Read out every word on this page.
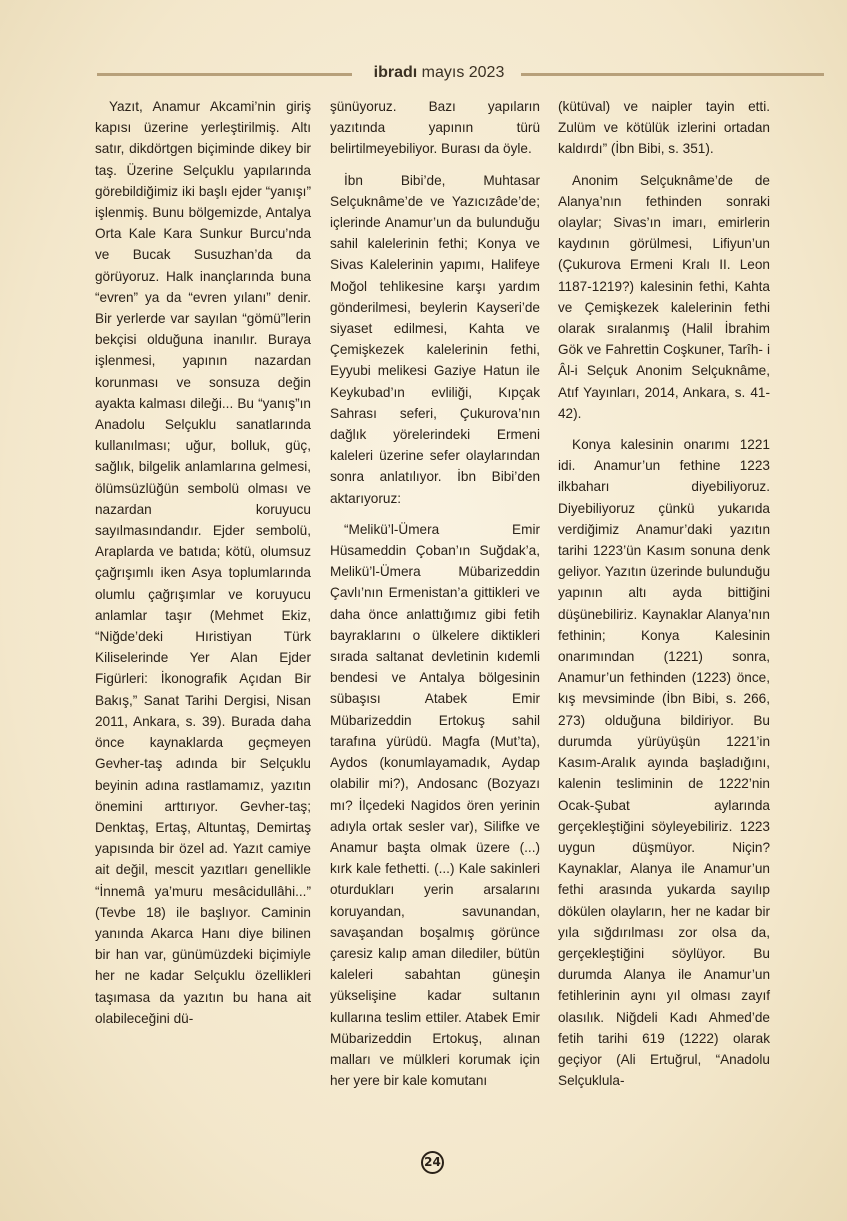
ibradı mayıs 2023

Yazıt, Anamur Akcami’nin giriş kapısı üzerine yerleştirilmiş. Altı satır, dikdörtgen biçiminde dikey bir taş. Üzerine Selçuklu yapılarında görebildiğimiz iki başlı ejder “yanışı” işlenmiş. Bunu bölgemizde, Antalya Orta Kale Kara Sunkur Burcu’nda ve Bucak Susuzhan’da da görüyoruz. Halk inançlarında buna “evren” ya da “evren yılanı” denir. Bir yerlerde var sayılan “gömü”lerin bekçisi olduğuna inanılır. Buraya işlenmesi, yapının nazardan korunması ve sonsuza değin ayakta kalması dileği... Bu “yanış”ın Anadolu Selçuklu sanatlarında kullanılması; uğur, bolluk, güç, sağlık, bilgelik anlamlarına gelmesi, ölümsüzlüğün sembolü olması ve nazardan koruyucu sayılmasındandır. Ejder sembolü, Araplarda ve batıda; kötü, olumsuz çağrışımlı iken Asya toplumlarında olumlu çağrışımlar ve koruyucu anlamlar taşır (Mehmet Ekiz, “Niğde’deki Hıristiyan Türk Kiliselerinde Yer Alan Ejder Figürleri: İkonografik Açıdan Bir Bakış,” Sanat Tarihi Dergisi, Nisan 2011, Ankara, s. 39). Burada daha önce kaynaklarda geçmeyen Gevher-taş adında bir Selçuklu beyinin adına rastlamamız, yazıtın önemini arttırıyor. Gevher-taş; Denktaş, Ertaş, Altuntaş, Demirtaş yapısında bir özel ad. Yazıt camiye ait değil, mescit yazıtları genellikle “İnnemâ ya’muru mesâcidullâhi...” (Tevbe 18) ile başlıyor. Caminin yanında Akarca Hanı diye bilinen bir han var, günümüzdeki biçimiyle her ne kadar Selçuklu özellikleri taşımasa da yazıtın bu hana ait olabileceğini dü-

şünüyoruz. Bazı yapıların yazıtında yapının türü belirtilmeyebiliyor. Burası da öyle.

İbn Bibi’de, Muhtasar Selçuknâme’de ve Yazıcızâde’de; içlerinde Anamur’un da bulunduğu sahil kalelerinin fethi; Konya ve Sivas Kalelerinin yapımı, Halifeye Moğol tehlikesine karşı yardım gönderilmesi, beylerin Kayseri’de siyaset edilmesi, Kahta ve Çemişkezek kalelerinin fethi, Eyyubi melikesi Gaziye Hatun ile Keykubad’ın evliliği, Kıpçak Sahrası seferi, Çukurova’nın dağlık yörelerindeki Ermeni kaleleri üzerine sefer olaylarından sonra anlatılıyor. İbn Bibi’den aktarıyoruz:

“Melikü’l-Ümera Emir Hüsameddin Çoban’ın Suğdak’a, Melikü’l-Ümera Mübarizeddin Çavlı’nın Ermenistan’a gittikleri ve daha önce anlattığımız gibi fetih bayraklarını o ülkelere diktikleri sırada saltanat devletinin kıdemli bendesi ve Antalya bölgesinin sübaşısı Atabek Emir Mübarizeddin Ertokuş sahil tarafına yürüdü. Magfa (Mut’ta), Aydos (konumlayamadık, Aydap olabilir mi?), Andosanc (Bozyazı mı? İlçedeki Nagidos ören yerinin adıyla ortak sesler var), Silifke ve Anamur başta olmak üzere (...) kırk kale fethetti. (...) Kale sakinleri oturdukları yerin arsalarını koruyandan, savunandan, savaşandan boşalmış görünce çaresiz kalıp aman dilediler, bütün kaleleri sabahtan güneşin yükselişine kadar sultanın kullarına teslim ettiler. Atabek Emir Mübarizeddin Ertokuş, alınan malları ve mülkleri korumak için her yere bir kale komutanı

(kütüval) ve naipler tayin etti. Zulüm ve kötülük izlerini ortadan kaldırdı” (İbn Bibi, s. 351).

Anonim Selçuknâme’de de Alanya’nın fethinden sonraki olaylar; Sivas’ın imarı, emirlerin kaydının görülmesi, Lifiyun’un (Çukurova Ermeni Kralı II. Leon 1187-1219?) kalesinin fethi, Kahta ve Çemişkezek kalelerinin fethi olarak sıralanmış (Halil İbrahim Gök ve Fahrettin Coşkuner, Tarîh- i Âl-i Selçuk Anonim Selçuknâme, Atıf Yayınları, 2014, Ankara, s. 41-42).

Konya kalesinin onarımı 1221 idi. Anamur’un fethine 1223 ilkbaharı diyebiliyoruz. Diyebiliyoruz çünkü yukarıda verdiğimiz Anamur’daki yazıtın tarihi 1223’ün Kasım sonuna denk geliyor. Yazıtın üzerinde bulunduğu yapının altı ayda bittiğini düşünebiliriz. Kaynaklar Alanya’nın fethinin; Konya Kalesinin onarımından (1221) sonra, Anamur’un fethinden (1223) önce, kış mevsiminde (İbn Bibi, s. 266, 273) olduğuna bildiriyor. Bu durumda yürüyüşün 1221’in Kasım-Aralık ayında başladığını, kalenin tesliminin de 1222’nin Ocak-Şubat aylarında gerçekleştiğini söyleyebiliriz. 1223 uygun düşmüyor. Niçin? Kaynaklar, Alanya ile Anamur’un fethi arasında yukarda sayılıp dökülen olayların, her ne kadar bir yıla sığdırılması zor olsa da, gerçekleştiğini söylüyor. Bu durumda Alanya ile Anamur’un fetihlerinin aynı yıl olması zayıf olasılık. Niğdeli Kadı Ahmed’de fetih tarihi 619 (1222) olarak geçiyor (Ali Ertuğrul, “Anadolu Selçuklula-

24
